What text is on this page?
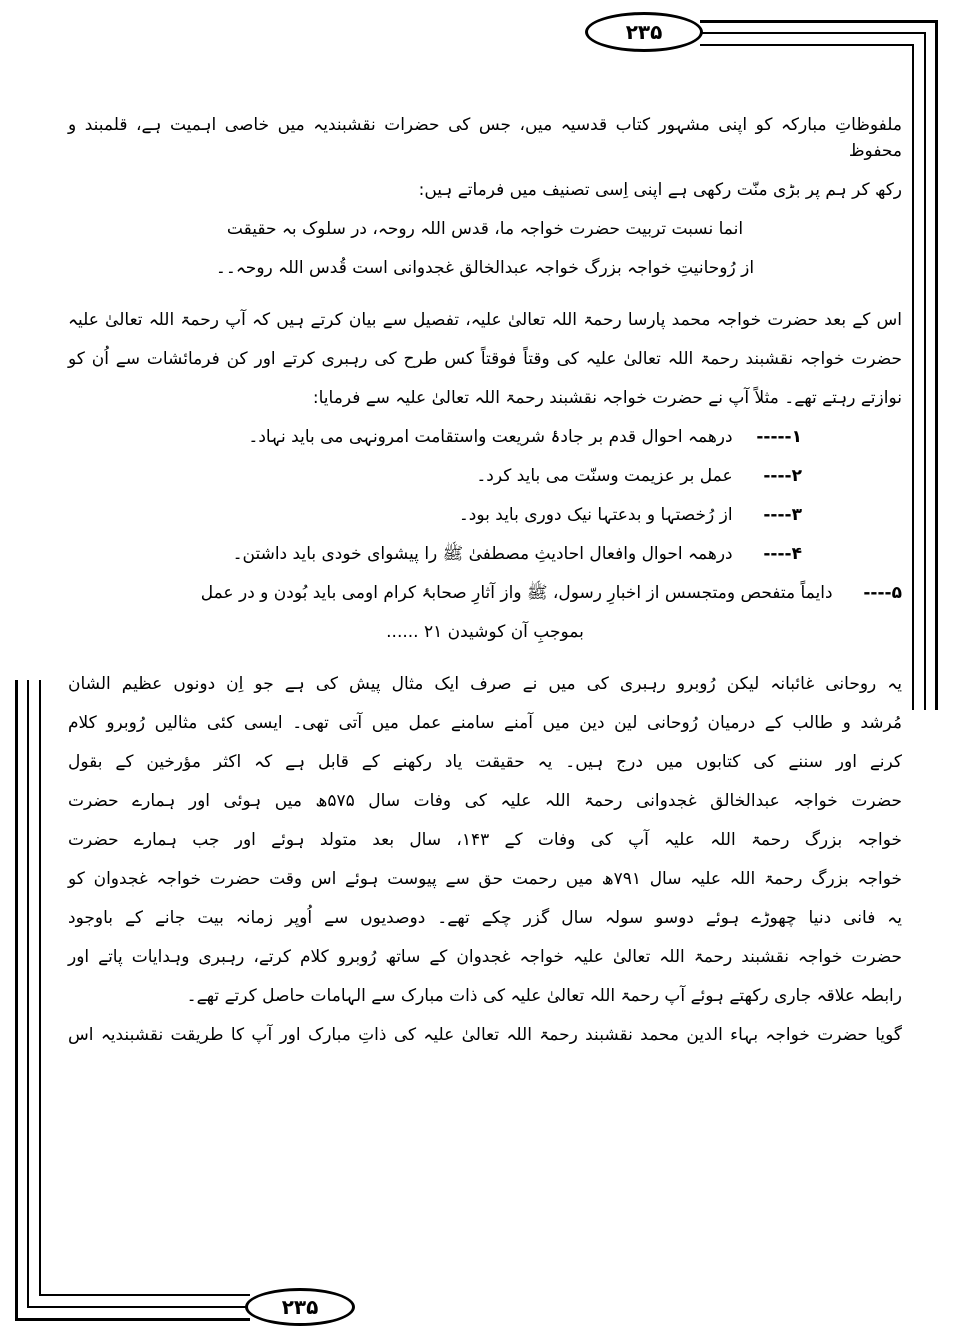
۲۳۵
۲۳۵
ملفوظاتِ مبارکہ کو اپنی مشہور کتاب قدسیہ میں، جس کی حضرات نقشبندیہ میں خاصی اہمیت ہے، قلمبند و محفوظ
رکھ کر ہم پر بڑی منّت رکھی ہے اپنی اِسی تصنیف میں فرماتے ہیں:
انما نسبت تربیت حضرت خواجہ ما، قدس اللہ روحہ، در سلوک بہ حقیقت
از رُوحانیتِ خواجہ بزرگ خواجہ عبدالخالق غجدوانی است قُدس اللہ روحہ۔۔
اس کے بعد حضرت خواجہ محمد پارسا رحمۃ اللہ تعالیٰ علیہ، تفصیل سے بیان کرتے ہیں کہ آپ رحمۃ اللہ تعالیٰ علیہ
حضرت خواجہ نقشبند رحمۃ اللہ تعالیٰ علیہ کی وقتاً فوقتاً کس طرح کی رہبری کرتے اور کن فرمائشات سے اُن کو
نوازتے رہتے تھے۔ مثلاً آپ نے حضرت خواجہ نقشبند رحمۃ اللہ تعالیٰ علیہ سے فرمایا:
۱----- درھمہ احوال قدم بر جادۂ شریعت واستقامت امرونہی می باید نہاد۔
۲---- عمل بر عزیمت وسنّت می باید کرد۔
۳---- از رُخصتہا و بدعتہا نیک دوری باید بود۔
۴---- درھمہ احوال وافعال احادیثِ مصطفیٰ ﷺ را پیشوای خودی باید داشتن۔
۵---- دایماً متفحص ومتجسس از اخبارِ رسول، ﷺ واز آثارِ صحابۂ کرام اومی باید بُودن و در عمل
بموجبِ آن کوشیدن ۲۱ ......
یہ روحانی غائبانہ لیکن رُوبرو رہبری کی میں نے صرف ایک مثال پیش کی ہے جو اِن دونوں عظیم الشان
مُرشد و طالب کے درمیان رُوحانی لین دین میں آمنے سامنے عمل میں آتی تھی۔ ایسی کئی مثالیں رُوبرو کلام
کرنے اور سننے کی کتابوں میں درج ہیں۔ یہ حقیقت یاد رکھنے کے قابل ہے کہ اکثر مؤرخین کے بقول
حضرت خواجہ عبدالخالق غجدوانی رحمۃ اللہ علیہ کی وفات سال ۵۷۵ھ میں ہوئی اور ہمارے حضرت
خواجہ بزرگ رحمۃ اللہ علیہ آپ کی وفات کے ۱۴۳، سال بعد متولد ہوئے اور جب ہمارے حضرت
خواجہ بزرگ رحمۃ اللہ علیہ سال ۷۹۱ھ میں رحمت حق سے پیوست ہوئے اس وقت حضرت خواجہ غجدوان کو
یہ فانی دنیا چھوڑے ہوئے دوسو سولہ سال گزر چکے تھے۔ دوصدیوں سے اُوپر زمانہ بیت جانے کے باوجود
حضرت خواجہ نقشبند رحمۃ اللہ تعالیٰ علیہ خواجہ غجدوان کے ساتھ رُوبرو کلام کرتے، رہبری وہدایات پاتے اور
رابطہ علاقہ جاری رکھتے ہوئے آپ رحمۃ اللہ تعالیٰ علیہ کی ذات مبارک سے الہامات حاصل کرتے تھے۔
گویا حضرت خواجہ بہاء الدین محمد نقشبند رحمۃ اللہ تعالیٰ علیہ کی ذاتِ مبارک اور آپ کا طریقت نقشبندیہ اس
